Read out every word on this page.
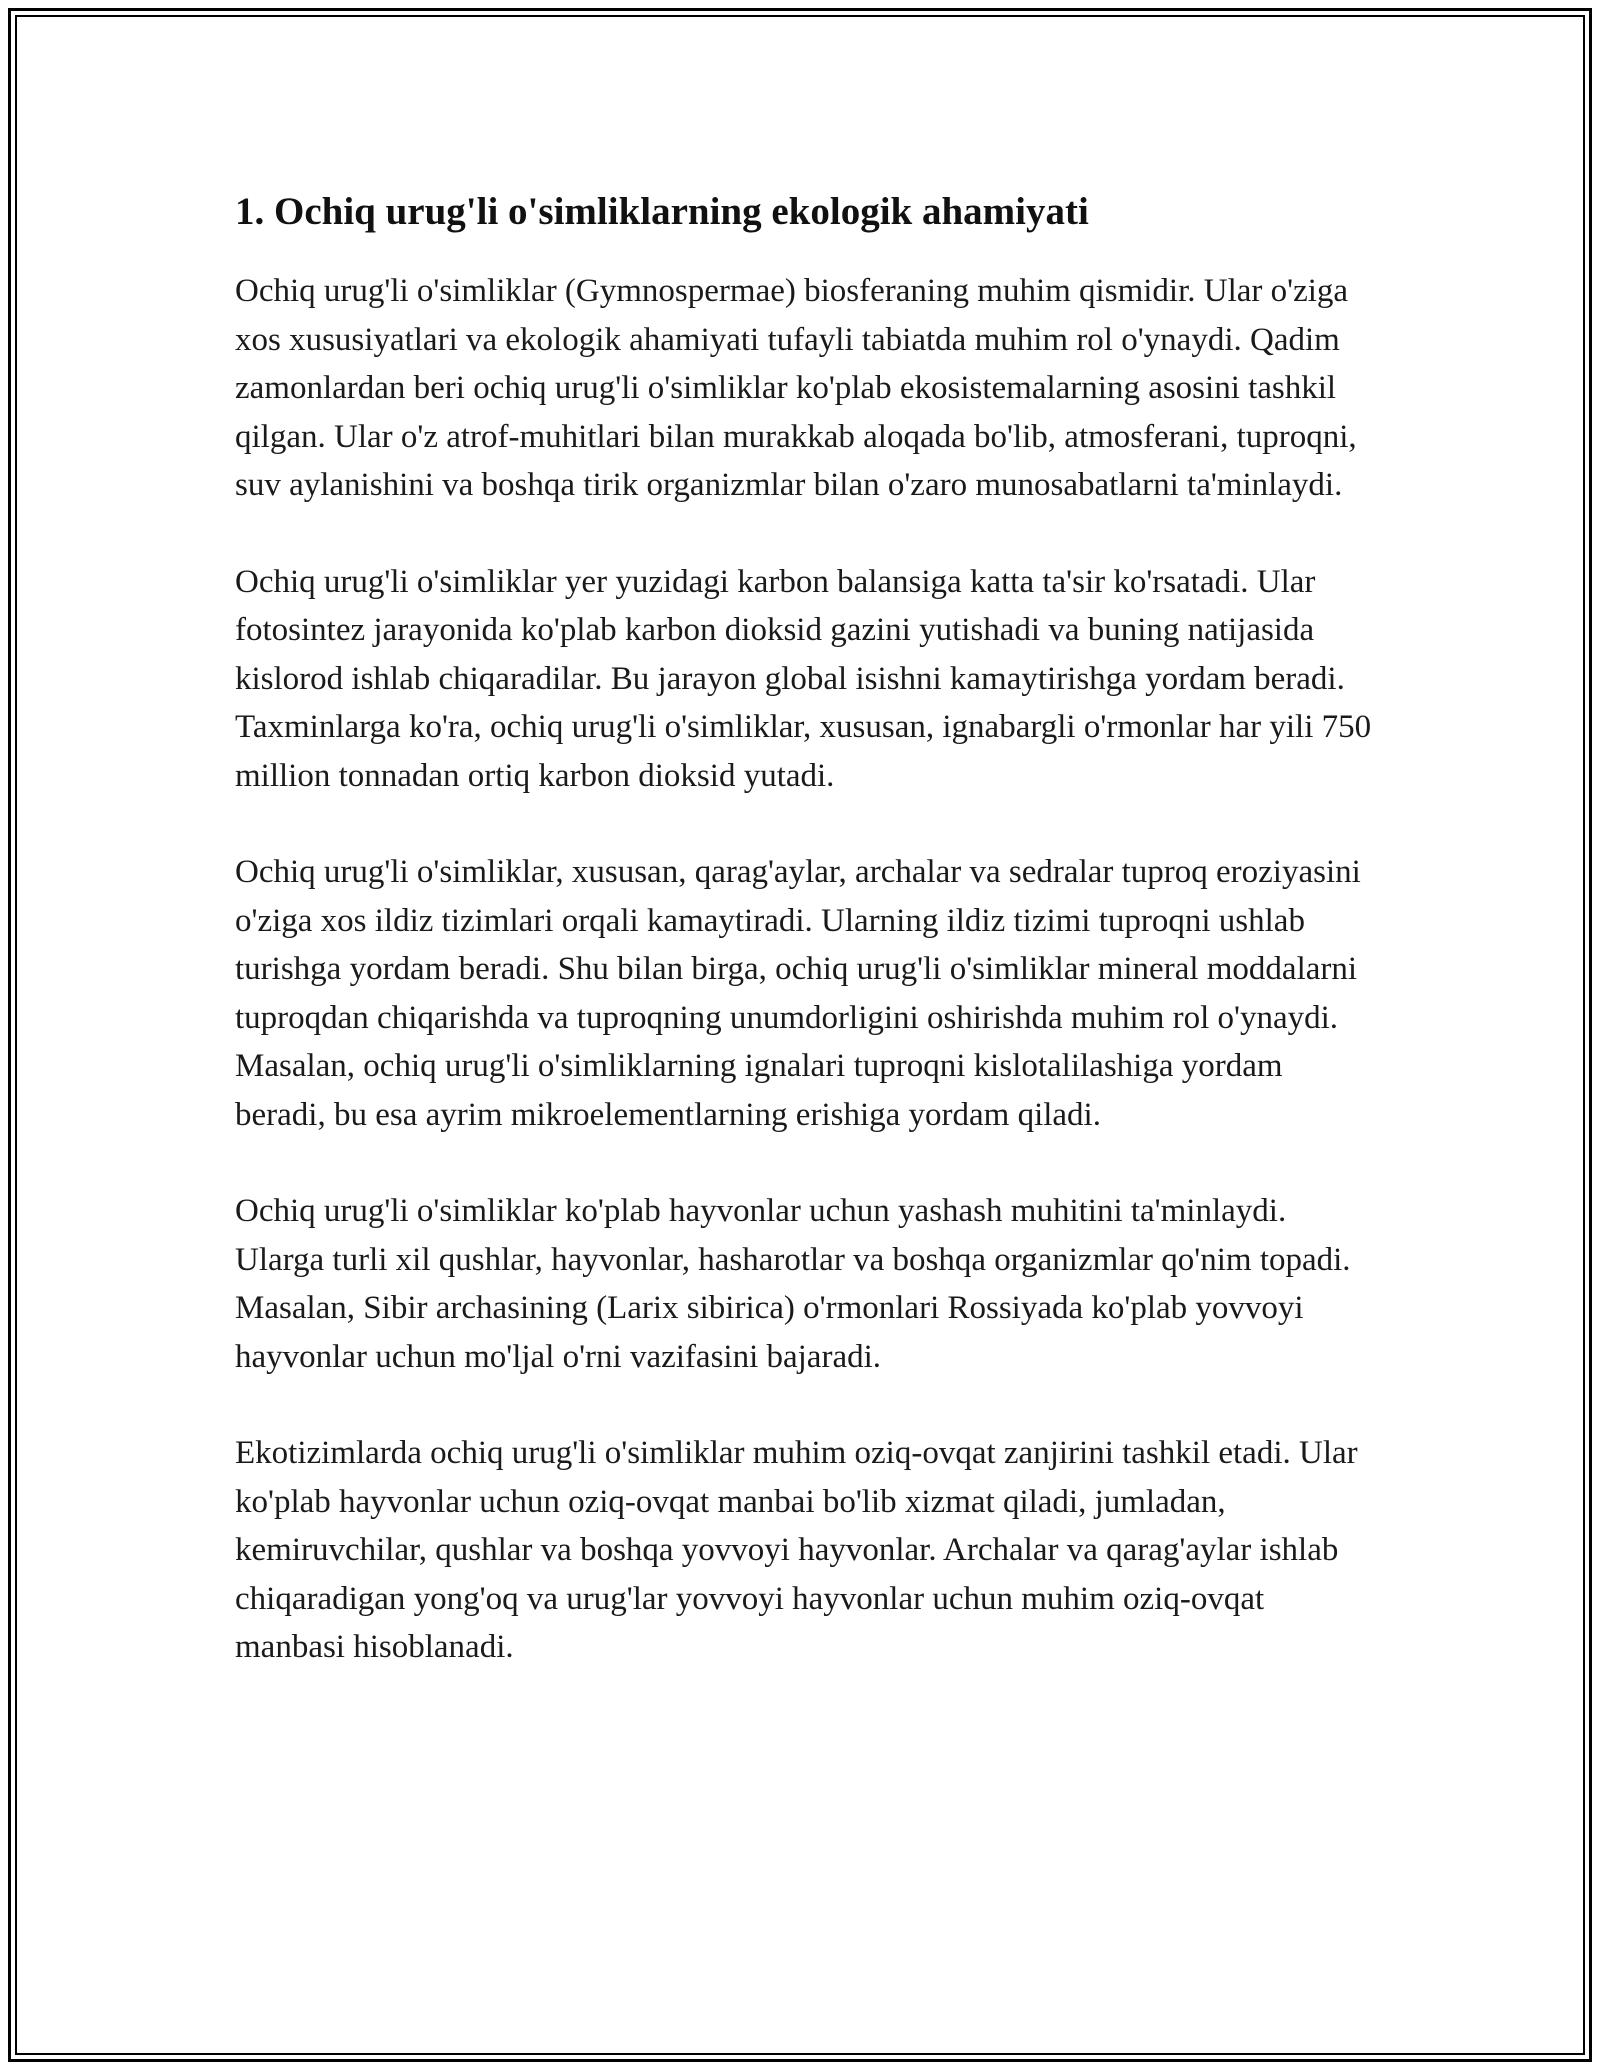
1. Ochiq urug'li o'simliklarning ekologik ahamiyati

Ochiq urug'li o'simliklar (Gymnospermae) biosferaning muhim qismidir. Ular o'ziga xos xususiyatlari va ekologik ahamiyati tufayli tabiatda muhim rol o'ynaydi. Qadim zamonlardan beri ochiq urug'li o'simliklar ko'plab ekosistemalarning asosini tashkil qilgan. Ular o'z atrof-muhitlari bilan murakkab aloqada bo'lib, atmosferani, tuproqni, suv aylanishini va boshqa tirik organizmlar bilan o'zaro munosabatlarni ta'minlaydi.

Ochiq urug'li o'simliklar yer yuzidagi karbon balansiga katta ta'sir ko'rsatadi. Ular fotosintez jarayonida ko'plab karbon dioksid gazini yutishadi va buning natijasida kislorod ishlab chiqaradilar. Bu jarayon global isishni kamaytirishga yordam beradi. Taxminlarga ko'ra, ochiq urug'li o'simliklar, xususan, ignabargli o'rmonlar har yili 750 million tonnadan ortiq karbon dioksid yutadi.

Ochiq urug'li o'simliklar, xususan, qarag'aylar, archalar va sedralar tuproq eroziyasini o'ziga xos ildiz tizimlari orqali kamaytiradi. Ularning ildiz tizimi tuproqni ushlab turishga yordam beradi. Shu bilan birga, ochiq urug'li o'simliklar mineral moddalarni tuproqdan chiqarishda va tuproqning unumdorligini oshirishda muhim rol o'ynaydi. Masalan, ochiq urug'li o'simliklarning ignalari tuproqni kislotalilashiga yordam beradi, bu esa ayrim mikroelementlarning erishiga yordam qiladi.

Ochiq urug'li o'simliklar ko'plab hayvonlar uchun yashash muhitini ta'minlaydi. Ularga turli xil qushlar, hayvonlar, hasharotlar va boshqa organizmlar qo'nim topadi. Masalan, Sibir archasining (Larix sibirica) o'rmonlari Rossiyada ko'plab yovvoyi hayvonlar uchun mo'ljal o'rni vazifasini bajaradi.

Ekotizimlarda ochiq urug'li o'simliklar muhim oziq-ovqat zanjirini tashkil etadi. Ular ko'plab hayvonlar uchun oziq-ovqat manbai bo'lib xizmat qiladi, jumladan, kemiruvchilar, qushlar va boshqa yovvoyi hayvonlar. Archalar va qarag'aylar ishlab chiqaradigan yong'oq va urug'lar yovvoyi hayvonlar uchun muhim oziq-ovqat manbasi hisoblanadi.
